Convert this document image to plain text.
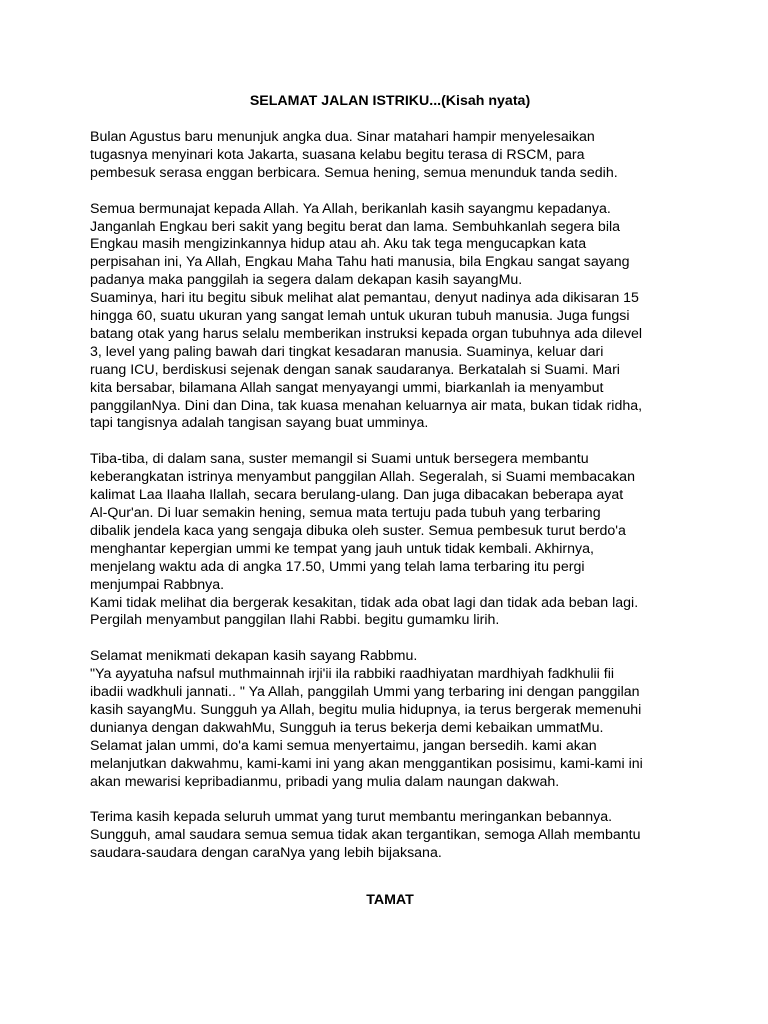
SELAMAT JALAN ISTRIKU...(Kisah nyata)
Bulan Agustus baru menunjuk angka dua. Sinar matahari hampir menyelesaikan
tugasnya menyinari kota Jakarta, suasana kelabu begitu terasa di RSCM, para
pembesuk serasa enggan berbicara. Semua hening, semua menunduk tanda sedih.
Semua bermunajat kepada Allah. Ya Allah, berikanlah kasih sayangmu kepadanya.
Janganlah Engkau beri sakit yang begitu berat dan lama. Sembuhkanlah segera bila
Engkau masih mengizinkannya hidup atau ah. Aku tak tega mengucapkan kata
perpisahan ini, Ya Allah, Engkau Maha Tahu hati manusia, bila Engkau sangat sayang
padanya maka panggilah ia segera dalam dekapan kasih sayangMu.
Suaminya, hari itu begitu sibuk melihat alat pemantau, denyut nadinya ada dikisaran 15
hingga 60, suatu ukuran yang sangat lemah untuk ukuran tubuh manusia. Juga fungsi
batang otak yang harus selalu memberikan instruksi kepada organ tubuhnya ada dilevel
3, level yang paling bawah dari tingkat kesadaran manusia. Suaminya, keluar dari
ruang ICU, berdiskusi sejenak dengan sanak saudaranya. Berkatalah si Suami. Mari
kita bersabar, bilamana Allah sangat menyayangi ummi, biarkanlah ia menyambut
panggilanNya. Dini dan Dina, tak kuasa menahan keluarnya air mata, bukan tidak ridha,
tapi tangisnya adalah tangisan sayang buat umminya.
Tiba-tiba, di dalam sana, suster memangil si Suami untuk bersegera membantu
keberangkatan istrinya menyambut panggilan Allah. Segeralah, si Suami membacakan
kalimat Laa Ilaaha Ilallah, secara berulang-ulang. Dan juga dibacakan beberapa ayat
Al-Qur'an. Di luar semakin hening, semua mata tertuju pada tubuh yang terbaring
dibalik jendela kaca yang sengaja dibuka oleh suster. Semua pembesuk turut berdo'a
menghantar kepergian ummi ke tempat yang jauh untuk tidak kembali. Akhirnya,
menjelang waktu ada di angka 17.50, Ummi yang telah lama terbaring itu pergi
menjumpai Rabbnya.
Kami tidak melihat dia bergerak kesakitan, tidak ada obat lagi dan tidak ada beban lagi.
Pergilah menyambut panggilan Ilahi Rabbi. begitu gumamku lirih.
Selamat menikmati dekapan kasih sayang Rabbmu.
"Ya ayyatuha nafsul muthmainnah irji'ii ila rabbiki raadhiyatan mardhiyah fadkhulii fii
ibadii wadkhuli jannati.. " Ya Allah, panggilah Ummi yang terbaring ini dengan panggilan
kasih sayangMu. Sungguh ya Allah, begitu mulia hidupnya, ia terus bergerak memenuhi
dunianya dengan dakwahMu, Sungguh ia terus bekerja demi kebaikan ummatMu.
Selamat jalan ummi, do'a kami semua menyertaimu, jangan bersedih. kami akan
melanjutkan dakwahmu, kami-kami ini yang akan menggantikan posisimu, kami-kami ini
akan mewarisi kepribadianmu, pribadi yang mulia dalam naungan dakwah.
Terima kasih kepada seluruh ummat yang turut membantu meringankan bebannya.
Sungguh, amal saudara semua semua tidak akan tergantikan, semoga Allah membantu
saudara-saudara dengan caraNya yang lebih bijaksana.
TAMAT
